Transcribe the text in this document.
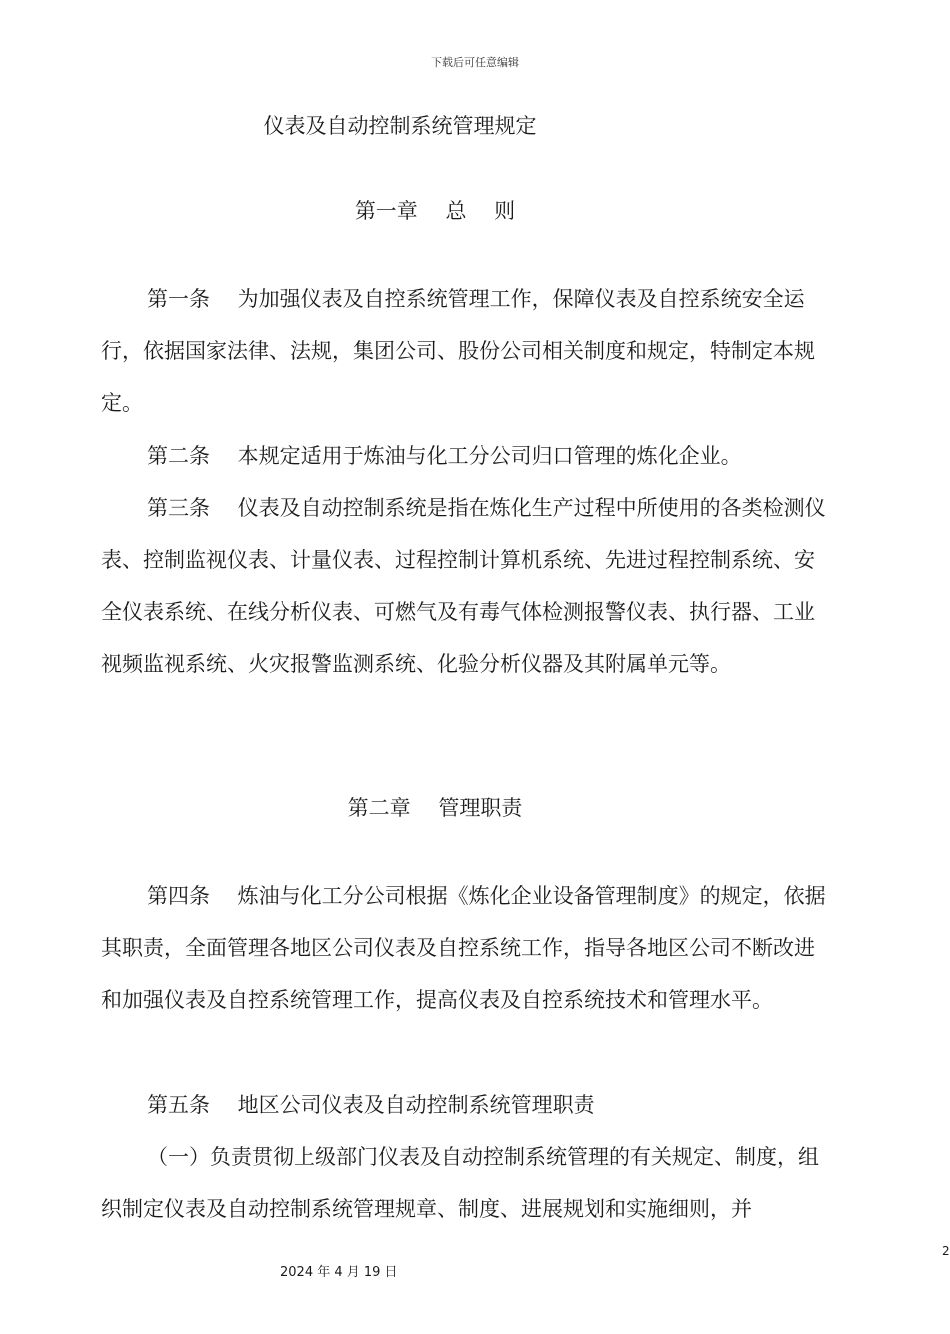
下载后可任意编辑
仪表及自动控制系统管理规定
第一章　 总　 则

第一条　 为加强仪表及自控系统管理工作，保障仪表及自控系统安全运行，依据国家法律、法规，集团公司、股份公司相关制度和规定，特制定本规定。

第二条　 本规定适用于炼油与化工分公司归口管理的炼化企业。

第三条　 仪表及自动控制系统是指在炼化生产过程中所使用的各类检测仪表、控制监视仪表、计量仪表、过程控制计算机系统、先进过程控制系统、安全仪表系统、在线分析仪表、可燃气及有毒气体检测报警仪表、执行器、工业视频监视系统、火灾报警监测系统、化验分析仪器及其附属单元等。

第二章　 管理职责

第四条　 炼油与化工分公司根据《炼化企业设备管理制度》的规定，依据其职责，全面管理各地区公司仪表及自控系统工作，指导各地区公司不断改进和加强仪表及自控系统管理工作，提高仪表及自控系统技术和管理水平。

第五条　 地区公司仪表及自动控制系统管理职责

（一）负责贯彻上级部门仪表及自动控制系统管理的有关规定、制度，组织制定仪表及自动控制系统管理规章、制度、进展规划和实施细则，并

2024 年 4 月 19 日
2
